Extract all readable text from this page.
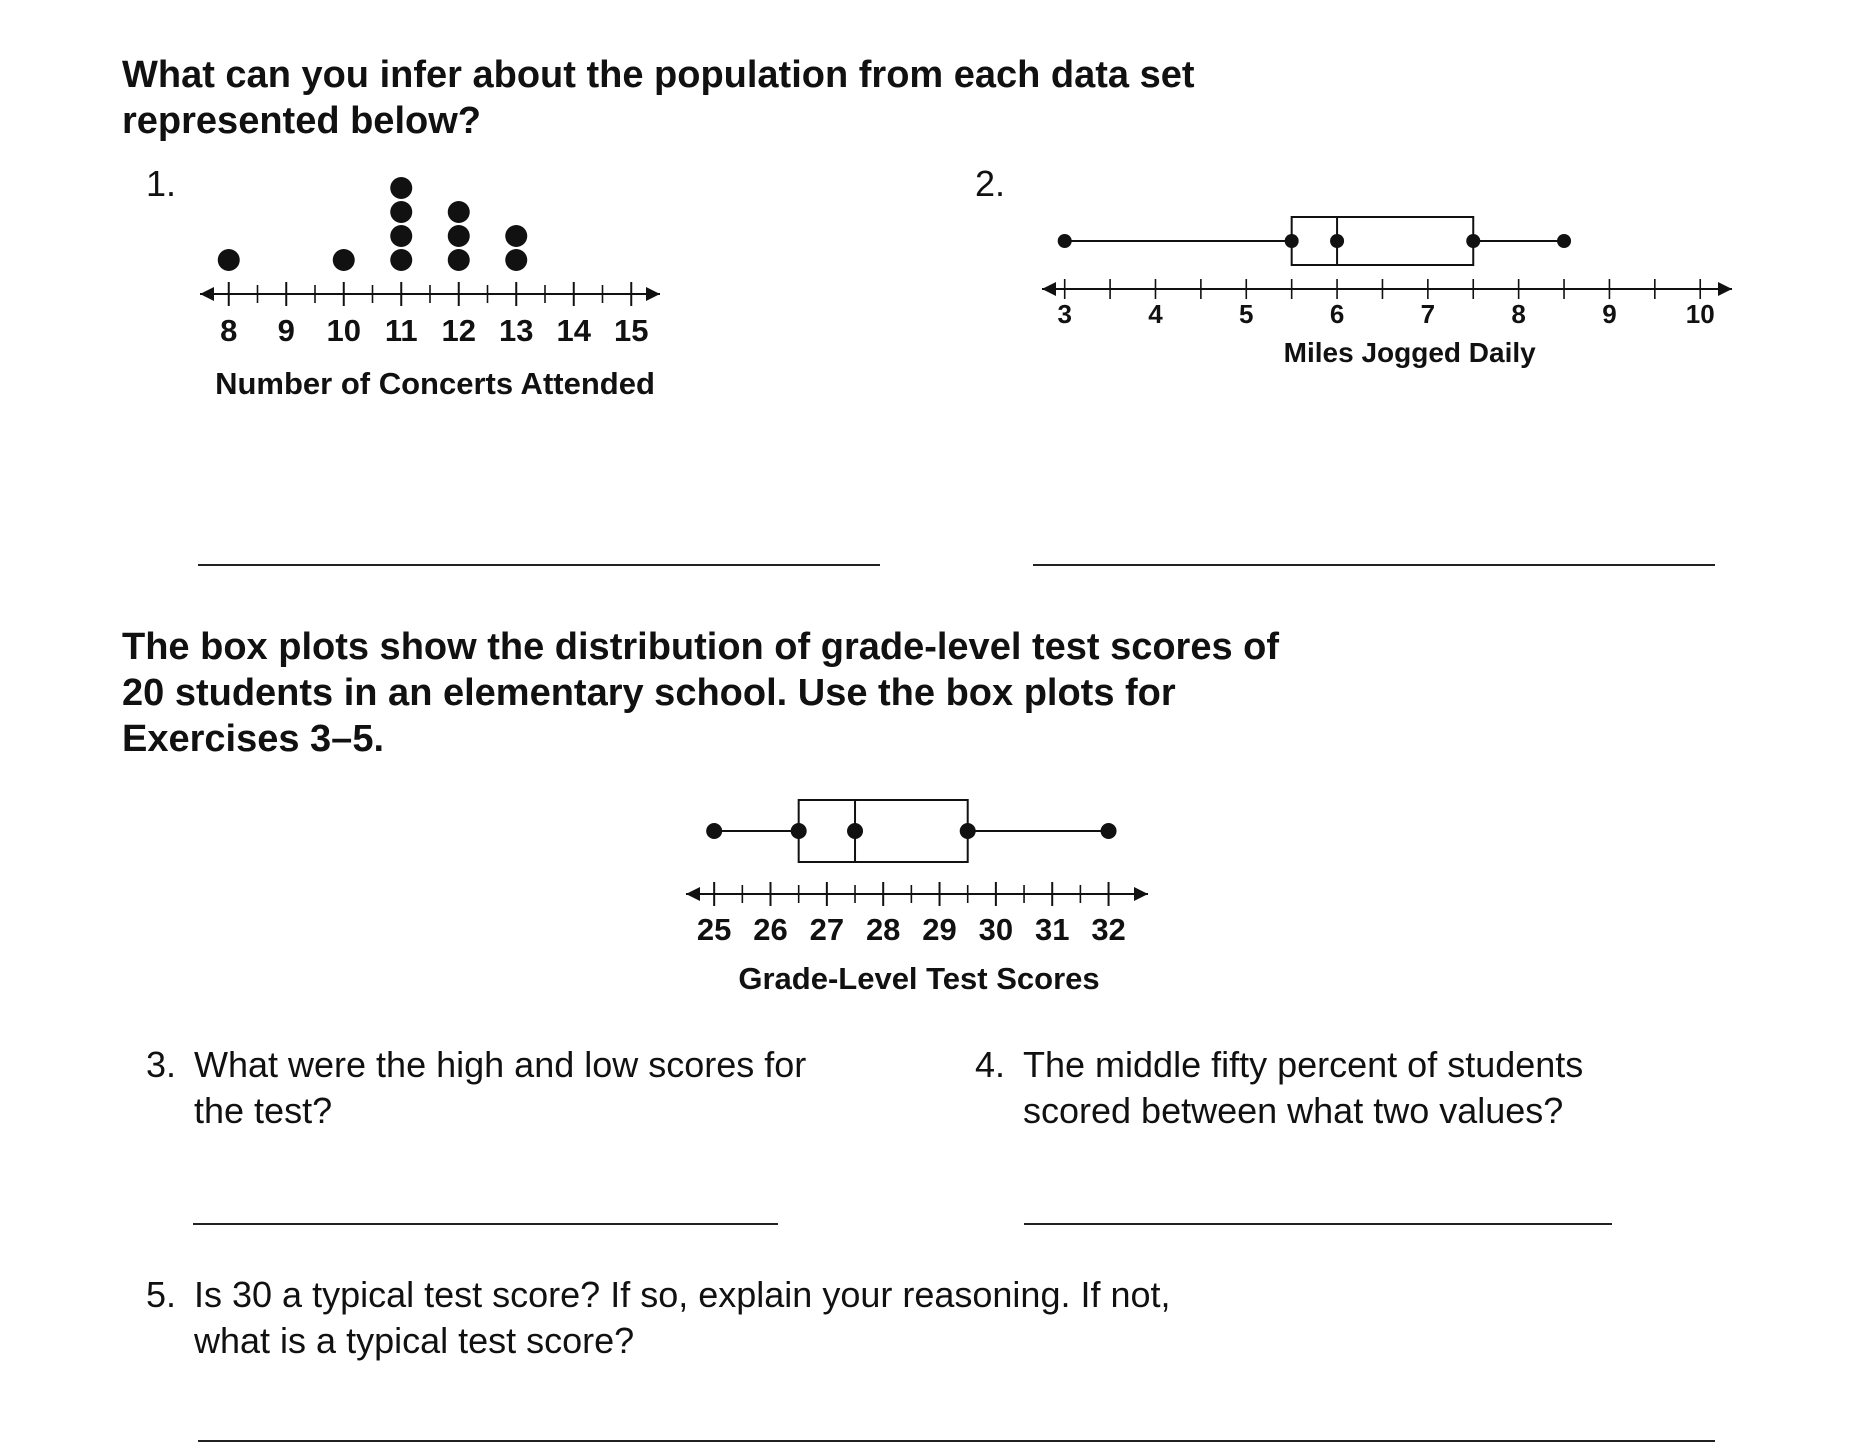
What can you infer about the population from each data set represented below?

1.	2.
8 9 10 11 12 13 14 15
Number of Concerts Attended
3	4	5	6	7	8	9	10
Miles Jogged Daily

The box plots show the distribution of grade-level test scores of 20 students in an elementary school. Use the box plots for Exercises 3–5.

25 26 27 28 29 30 31 32
Grade-Level Test Scores
3. What were the high and low scores for the test?
4. The middle fifty percent of students scored between what two values?
5. Is 30 a typical test score? If so, explain your reasoning. If not, what is a typical test score?
